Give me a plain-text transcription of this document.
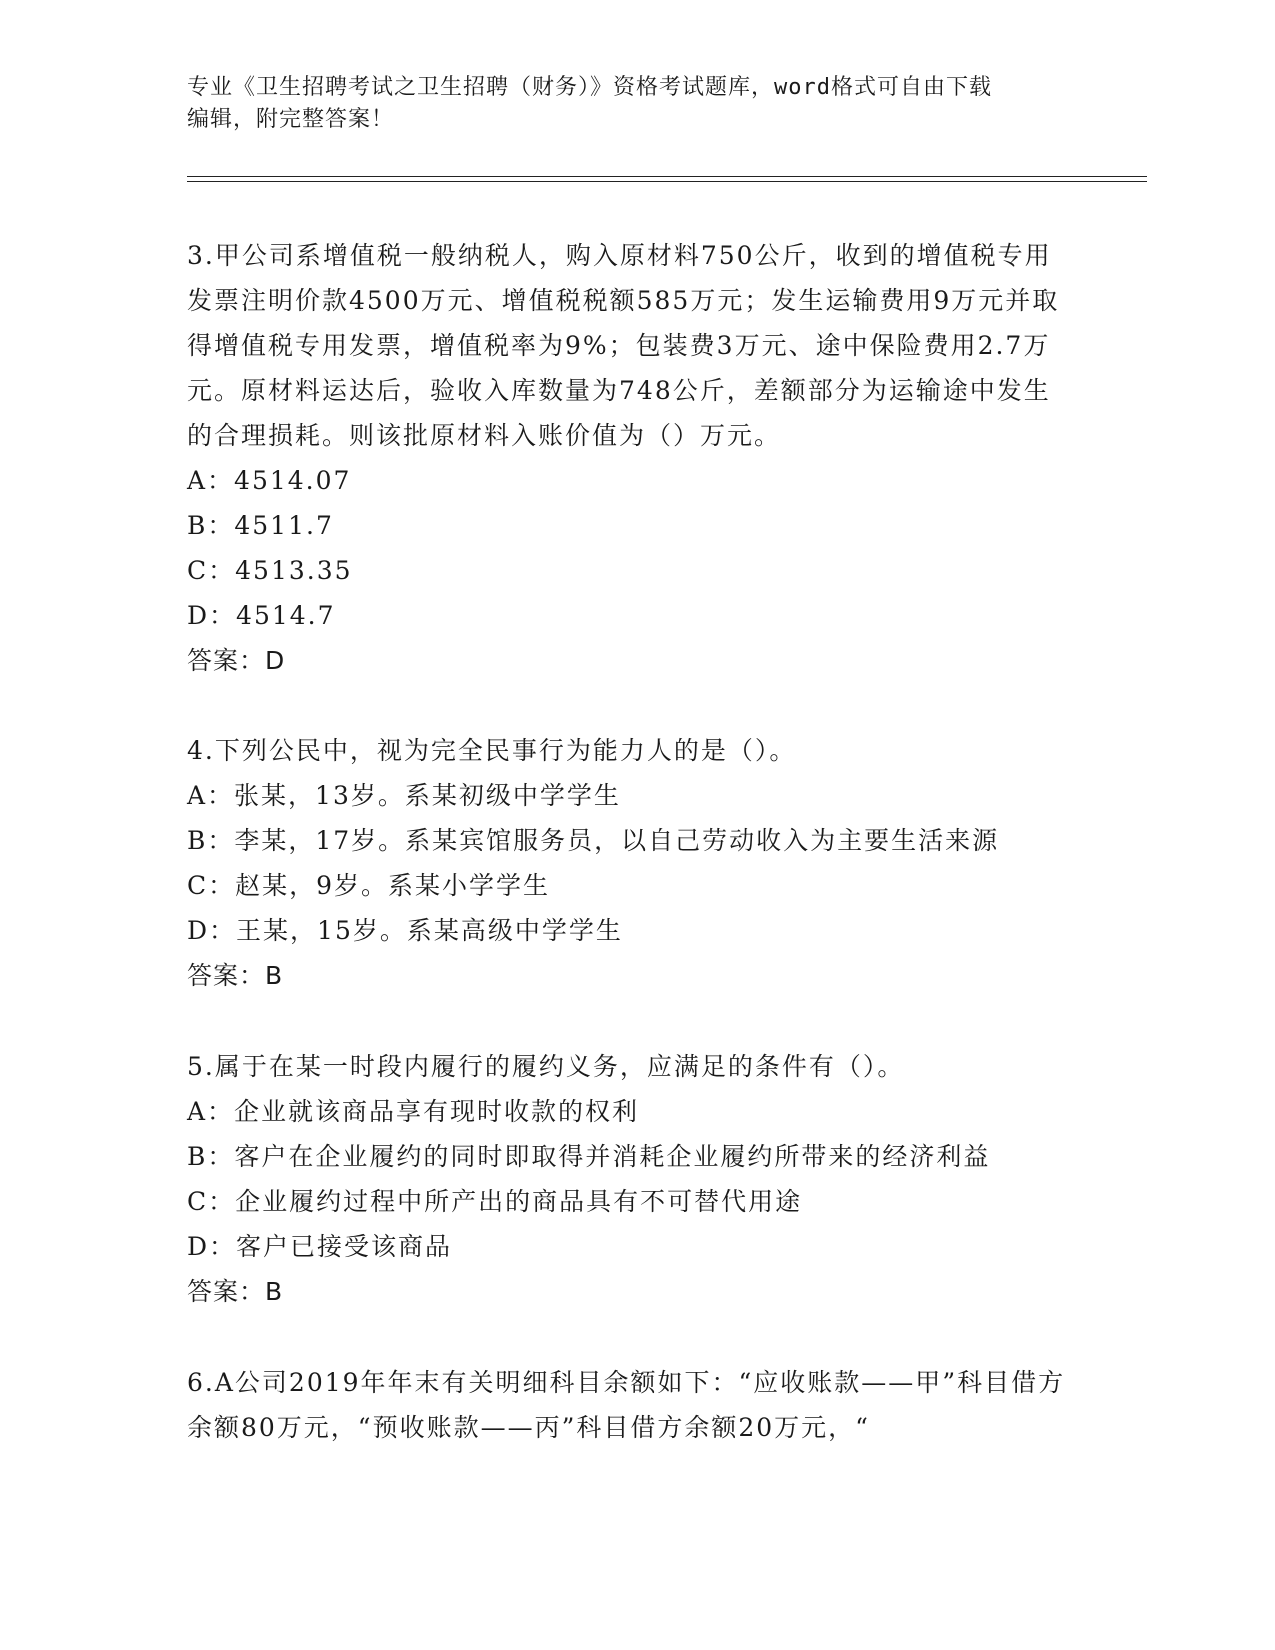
专业《卫生招聘考试之卫生招聘（财务）》资格考试题库，word格式可自由下载
编辑，附完整答案！
3.甲公司系增值税一般纳税人，购入原材料750公斤，收到的增值税专用发票注明价款4500万元、增值税税额585万元；发生运输费用9万元并取得增值税专用发票，增值税率为9%；包装费3万元、途中保险费用2.7万元。原材料运达后，验收入库数量为748公斤，差额部分为运输途中发生的合理损耗。则该批原材料入账价值为（）万元。
A：4514.07
B：4511.7
C：4513.35
D：4514.7
答案：D
4.下列公民中，视为完全民事行为能力人的是（）。
A：张某，13岁。系某初级中学学生
B：李某，17岁。系某宾馆服务员，以自己劳动收入为主要生活来源
C：赵某，9岁。系某小学学生
D：王某，15岁。系某高级中学学生
答案：B
5.属于在某一时段内履行的履约义务，应满足的条件有（）。
A：企业就该商品享有现时收款的权利
B：客户在企业履约的同时即取得并消耗企业履约所带来的经济利益
C：企业履约过程中所产出的商品具有不可替代用途
D：客户已接受该商品
答案：B
6.A公司2019年年末有关明细科目余额如下：“应收账款——甲”科目借方余额80万元，“预收账款——丙”科目借方余额20万元，“
